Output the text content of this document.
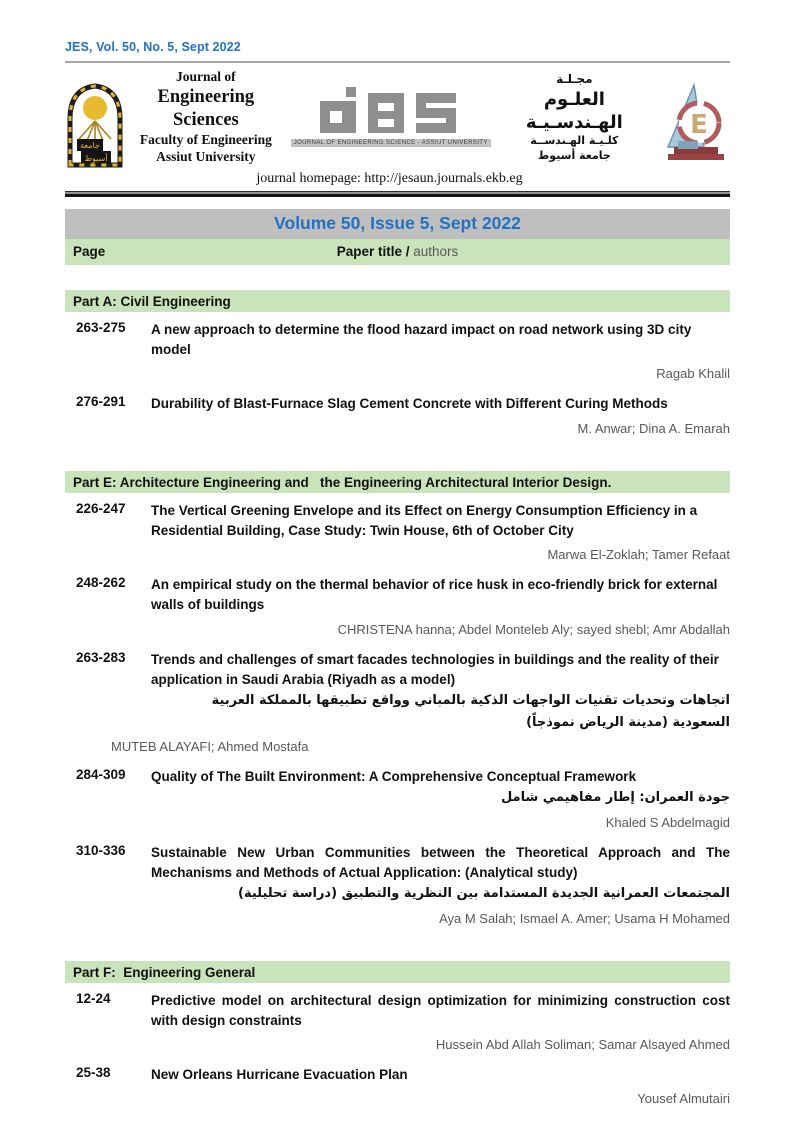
JES, Vol. 50, No. 5, Sept 2022
جامعة
أسيوط
Journal of
Engineering Sciences
Faculty of Engineering
Assiut University
JOURNAL OF ENGINEERING SCIENCE - ASSIUT UNIVERSITY
مجـلـة
العلـوم الهـندسـيـة
كلـيـة الهـندســة
جامعة أسيوط
journal homepage: http://jesaun.journals.ekb.eg
E
Volume 50, Issue 5, Sept 2022
Page	Paper title / authors
Part A: Civil Engineering
263-275	A new approach to determine the flood hazard impact on road network using 3D city model
Ragab Khalil
276-291	Durability of Blast-Furnace Slag Cement Concrete with Different Curing Methods
M. Anwar; Dina A. Emarah
Part E: Architecture Engineering and   the Engineering Architectural Interior Design.
226-247	The Vertical Greening Envelope and its Effect on Energy Consumption Efficiency in a Residential Building, Case Study: Twin House, 6th of October City
Marwa El-Zoklah; Tamer Refaat
248-262	An empirical study on the thermal behavior of rice husk in eco-friendly brick for external walls of buildings
CHRISTENA hanna; Abdel Monteleb Aly; sayed shebl; Amr Abdallah
263-283	Trends and challenges of smart facades technologies in buildings and the reality of their application in Saudi Arabia (Riyadh as a model)
اتجاهات وتحديات تقنيات الواجهات الذكية بالمباني وواقع تطبيقها بالمملكة العربية السعودية (مدينة الرياض نموذجاً)
MUTEB ALAYAFI; Ahmed Mostafa
284-309	Quality of The Built Environment: A Comprehensive Conceptual Framework
جودة العمران: إطار مفاهيمي شامل
Khaled S Abdelmagid
310-336	Sustainable New Urban Communities between the Theoretical Approach and The Mechanisms and Methods of Actual Application: (Analytical study)
المجتمعات العمرانية الجديدة المستدامة بين النظرية والتطبيق (دراسة تحليلية)
Aya M Salah; Ismael A. Amer; Usama H Mohamed
Part F:  Engineering General
12-24	Predictive model on architectural design optimization for minimizing construction cost with design constraints
Hussein Abd Allah Soliman; Samar Alsayed Ahmed
25-38	New Orleans Hurricane Evacuation Plan
Yousef Almutairi
